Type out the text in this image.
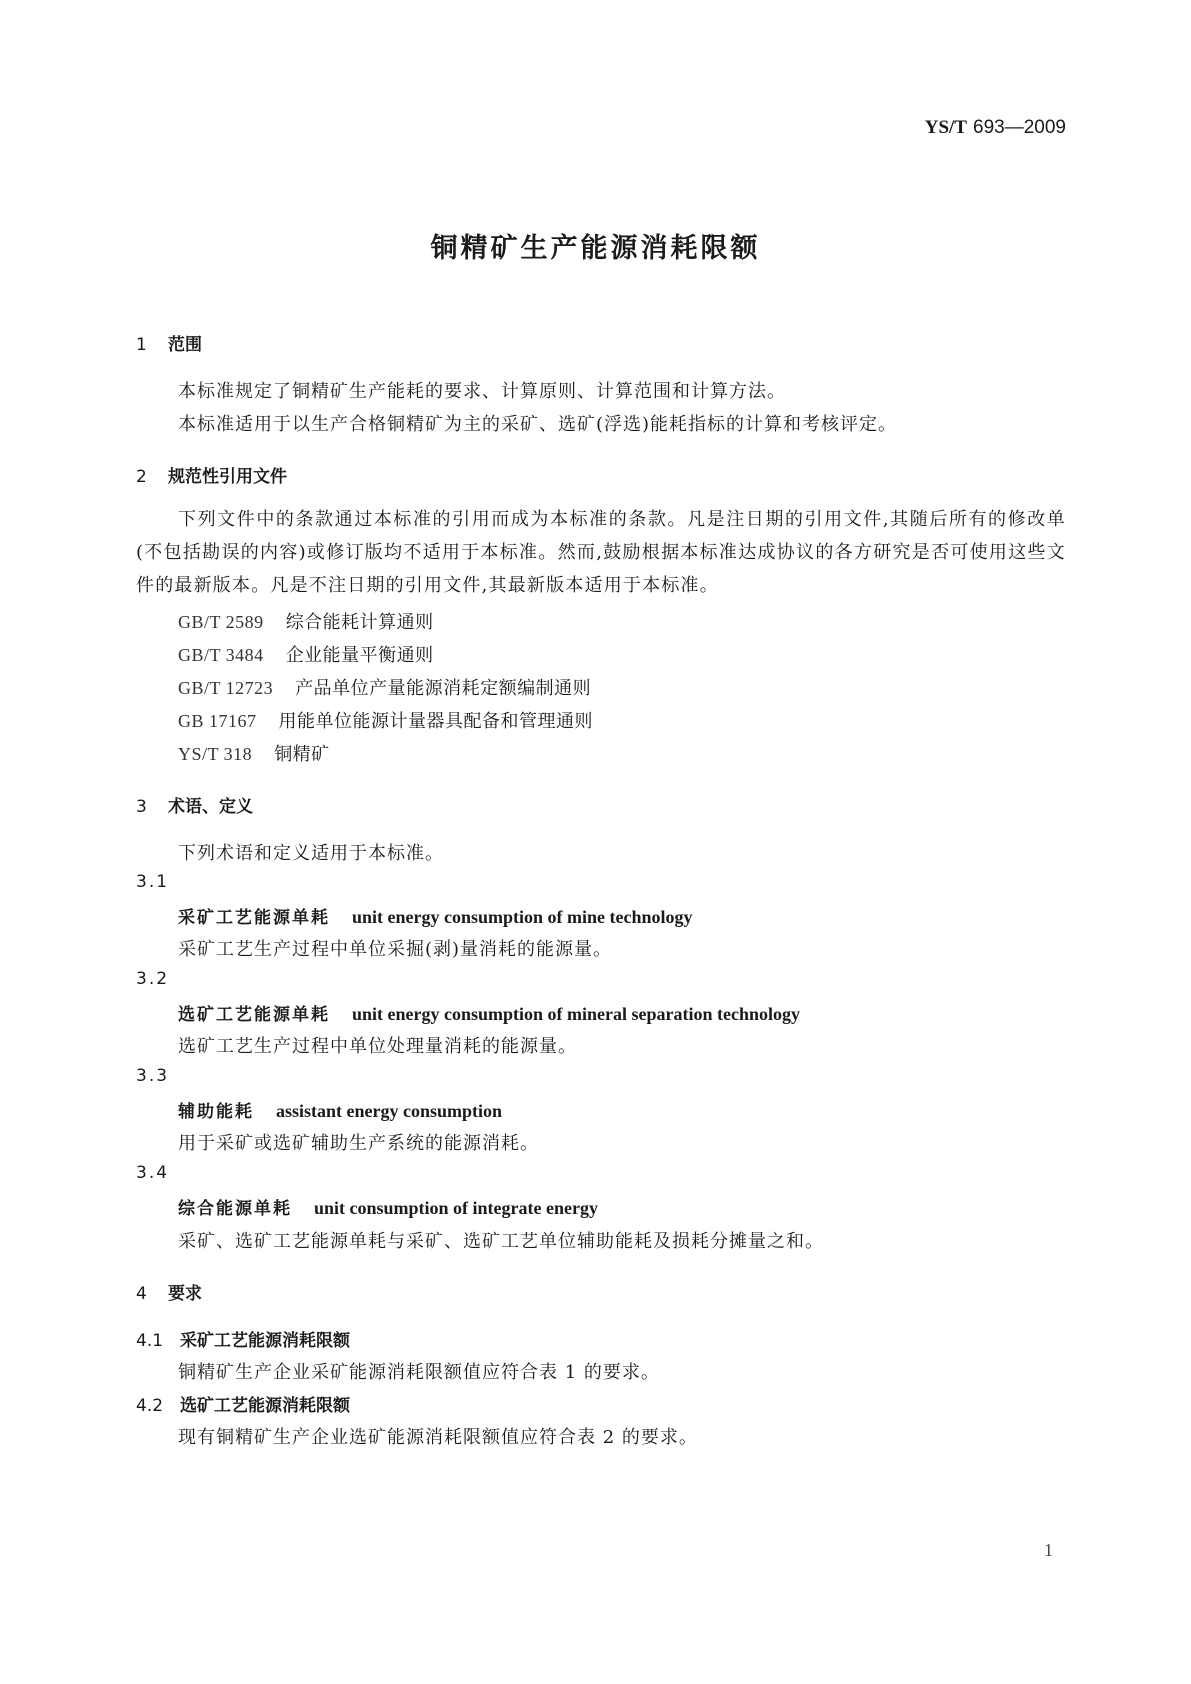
YS/T 693—2009
铜精矿生产能源消耗限额
1 范围
本标准规定了铜精矿生产能耗的要求、计算原则、计算范围和计算方法。
本标准适用于以生产合格铜精矿为主的采矿、选矿(浮选)能耗指标的计算和考核评定。
2 规范性引用文件
下列文件中的条款通过本标准的引用而成为本标准的条款。凡是注日期的引用文件,其随后所有的修改单(不包括勘误的内容)或修订版均不适用于本标准。然而,鼓励根据本标准达成协议的各方研究是否可使用这些文件的最新版本。凡是不注日期的引用文件,其最新版本适用于本标准。
GB/T 2589 综合能耗计算通则
GB/T 3484 企业能量平衡通则
GB/T 12723 产品单位产量能源消耗定额编制通则
GB 17167 用能单位能源计量器具配备和管理通则
YS/T 318 铜精矿
3 术语、定义
下列术语和定义适用于本标准。
3.1
采矿工艺能源单耗 unit energy consumption of mine technology
采矿工艺生产过程中单位采掘(剥)量消耗的能源量。
3.2
选矿工艺能源单耗 unit energy consumption of mineral separation technology
选矿工艺生产过程中单位处理量消耗的能源量。
3.3
辅助能耗 assistant energy consumption
用于采矿或选矿辅助生产系统的能源消耗。
3.4
综合能源单耗 unit consumption of integrate energy
采矿、选矿工艺能源单耗与采矿、选矿工艺单位辅助能耗及损耗分摊量之和。
4 要求
4.1 采矿工艺能源消耗限额
铜精矿生产企业采矿能源消耗限额值应符合表 1 的要求。
4.2 选矿工艺能源消耗限额
现有铜精矿生产企业选矿能源消耗限额值应符合表 2 的要求。
1
